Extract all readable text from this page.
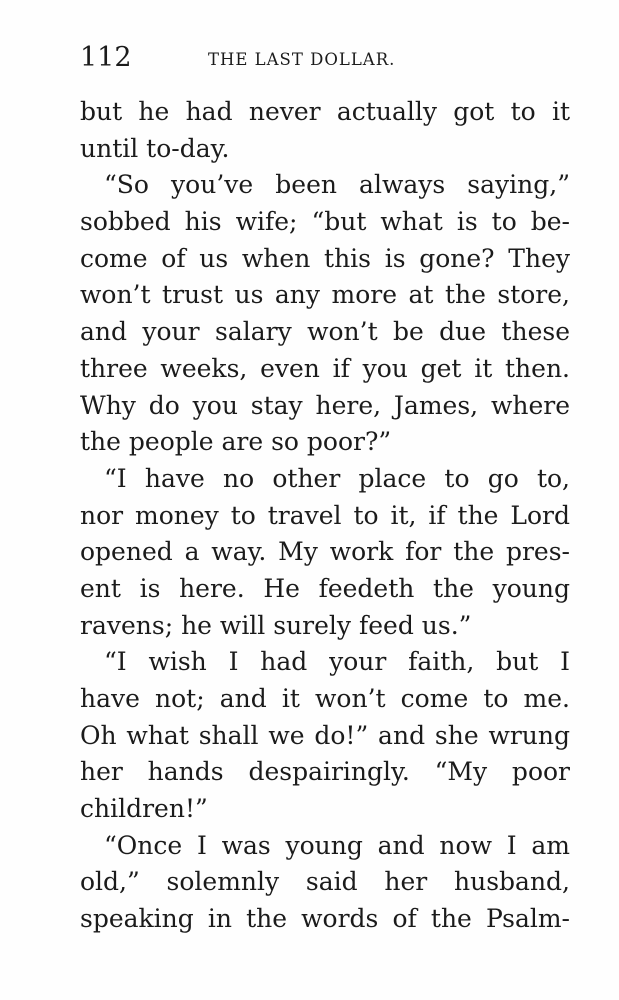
112	THE LAST DOLLAR.
but he had never actually got to it
until to-day.
“So you’ve been always saying,”
sobbed his wife; “but what is to be-
come of us when this is gone? They
won’t trust us any more at the store,
and your salary won’t be due these
three weeks, even if you get it then.
Why do you stay here, James, where
the people are so poor?”
“I have no other place to go to,
nor money to travel to it, if the Lord
opened a way. My work for the pres-
ent is here. He feedeth the young
ravens; he will surely feed us.”
“I wish I had your faith, but I
have not; and it won’t come to me.
Oh what shall we do!” and she wrung
her hands despairingly. “My poor
children!”
“Once I was young and now I am
old,” solemnly said her husband,
speaking in the words of the Psalm-
